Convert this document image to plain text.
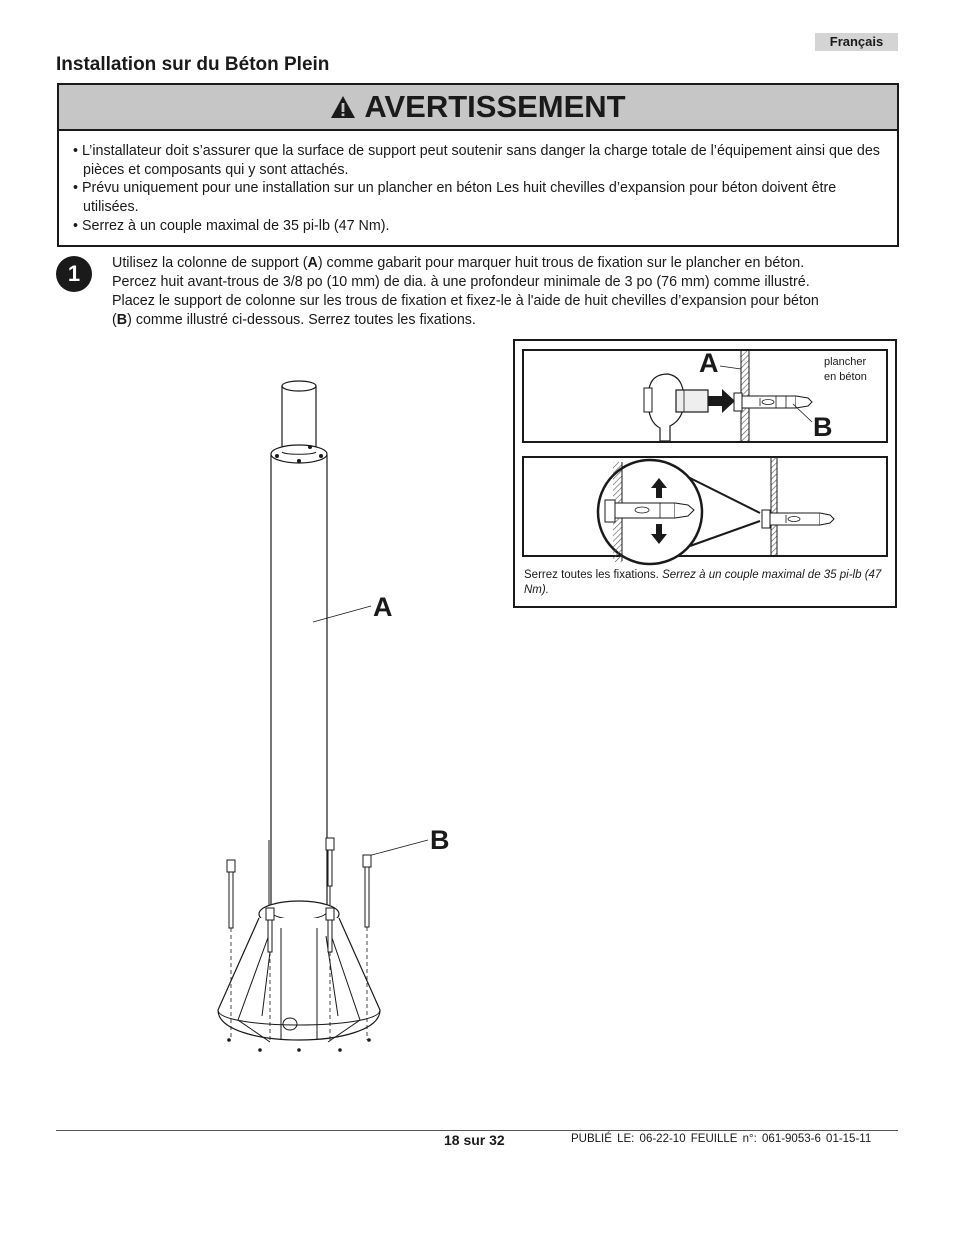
Français
Installation sur du Béton Plein
AVERTISSEMENT
• L’installateur doit s’assurer que la surface de support peut soutenir sans danger la charge totale de l’équipement ainsi que des pièces et composants qui y sont attachés.
• Prévu uniquement pour une installation sur un plancher en béton Les huit chevilles d’expansion pour béton doivent être utilisées.
• Serrez à un couple maximal de 35 pi-lb (47 Nm).
1	Utilisez la colonne de support (A) comme gabarit pour marquer huit trous de fixation sur le plancher en béton.
Percez huit avant-trous de 3/8 po (10 mm) de dia. à une profondeur minimale de 3 po (76 mm) comme illustré.
Placez le support de colonne sur les trous de fixation et fixez-le à l'aide de huit chevilles d’expansion pour béton
(B) comme illustré ci-dessous. Serrez toutes les fixations.
A
B
plancher
en béton
Serrez toutes les fixations. Serrez à un couple maximal de 35 pi-lb (47 Nm).
A
B
18 sur 32	PUBLIÉ LE: 06-22-10 FEUILLE n°: 061-9053-6 01-15-11
